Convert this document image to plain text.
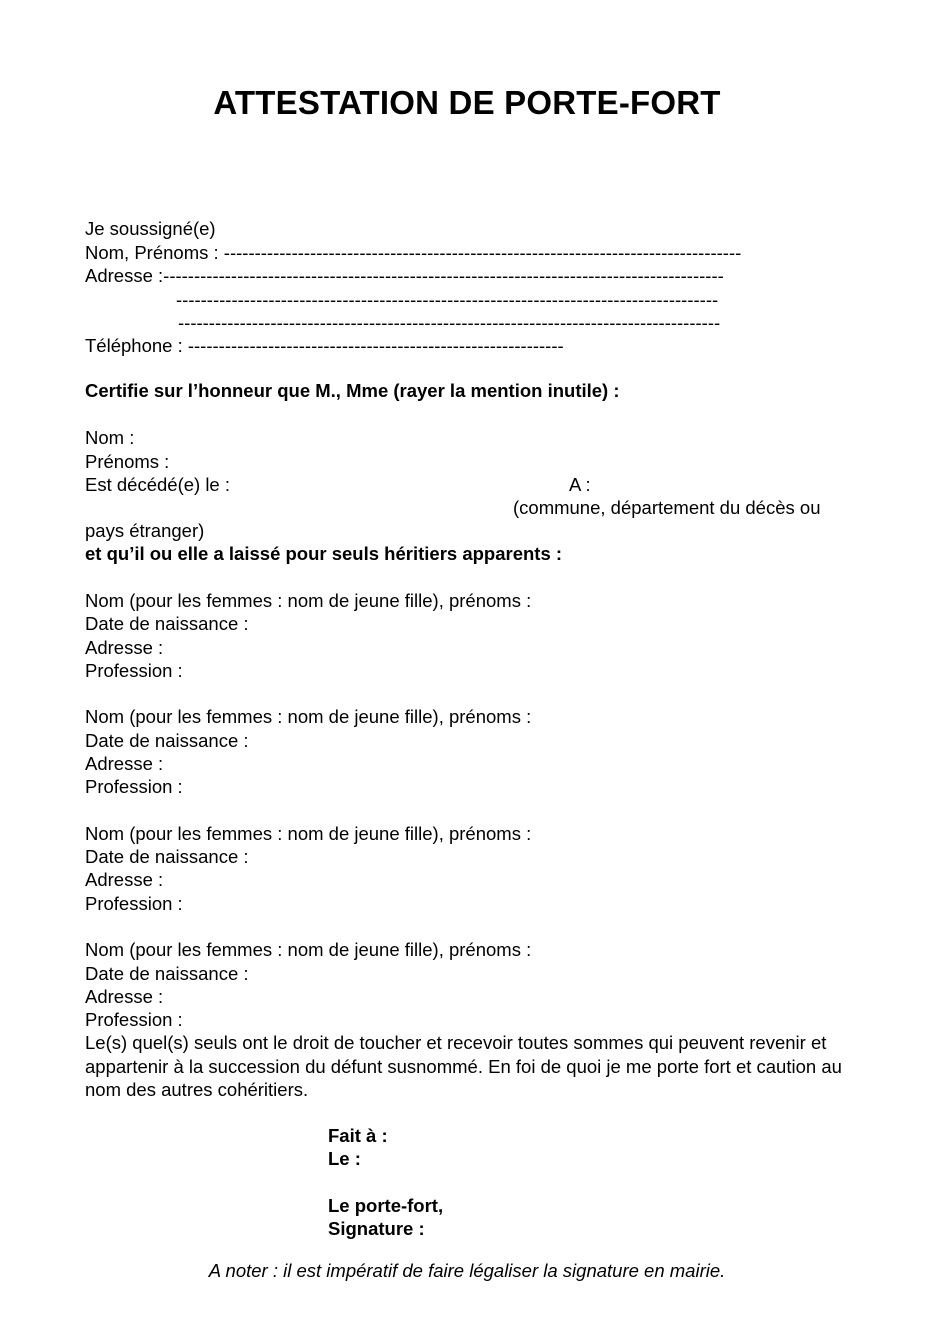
ATTESTATION DE PORTE-FORT

Je soussigné(e)

Nom, Prénoms : ------------------------------------------------------------------------------------

Adresse :-------------------------------------------------------------------------------------------

----------------------------------------------------------------------------------------

----------------------------------------------------------------------------------------

Téléphone : -------------------------------------------------------------

Certifie sur l’honneur que M., Mme (rayer la mention inutile) :

Nom :

Prénoms :

Est décédé(e) le :	A :

(commune, département du décès ou

pays étranger)

et qu’il ou elle a laissé pour seuls héritiers apparents :

Nom (pour les femmes : nom de jeune fille), prénoms :

Date de naissance :

Adresse :

Profession :

Nom (pour les femmes : nom de jeune fille), prénoms :

Date de naissance :

Adresse :

Profession :

Nom (pour les femmes : nom de jeune fille), prénoms :

Date de naissance :

Adresse :

Profession :

Nom (pour les femmes : nom de jeune fille), prénoms :

Date de naissance :

Adresse :

Profession :

Le(s) quel(s) seuls ont le droit de toucher et recevoir toutes sommes qui peuvent revenir et appartenir à la succession du défunt susnommé. En foi de quoi je me porte fort et caution au nom des autres cohéritiers.

Fait à :

Le :

Le porte-fort,

Signature :

A noter : il est impératif de faire légaliser la signature en mairie.
